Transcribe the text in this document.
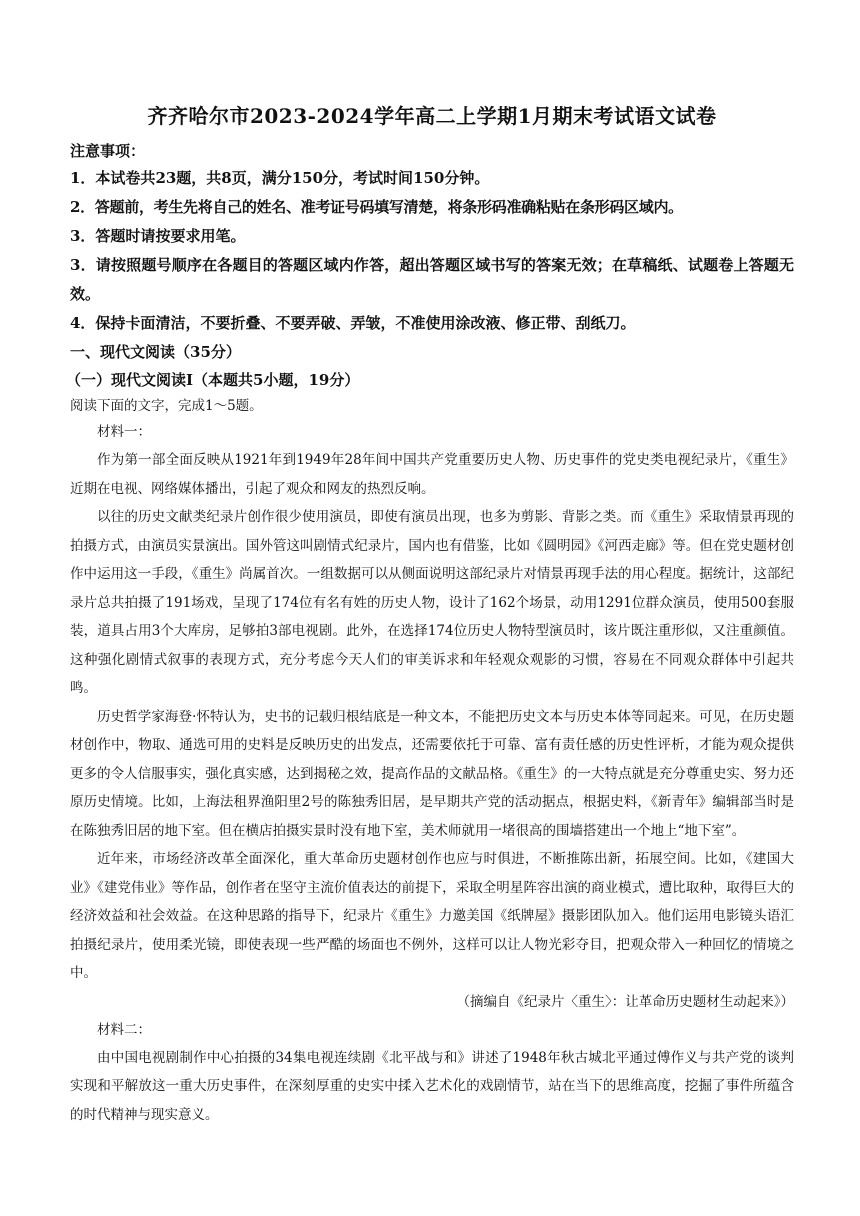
齐齐哈尔市2023-2024学年高二上学期1月期末考试语文试卷

注意事项：

1．本试卷共23题，共8页，满分150分，考试时间150分钟。

2．答题前，考生先将自己的姓名、准考证号码填写清楚，将条形码准确粘贴在条形码区域内。

3．答题时请按要求用笔。

3．请按照题号顺序在各题目的答题区域内作答，超出答题区域书写的答案无效；在草稿纸、试题卷上答题无效。

4．保持卡面清洁，不要折叠、不要弄破、弄皱，不准使用涂改液、修正带、刮纸刀。

一、现代文阅读（35分）

（一）现代文阅读Ⅰ（本题共5小题，19分）

阅读下面的文字，完成1～5题。

材料一：

作为第一部全面反映从1921年到1949年28年间中国共产党重要历史人物、历史事件的党史类电视纪录片，《重生》近期在电视、网络媒体播出，引起了观众和网友的热烈反响。

以往的历史文献类纪录片创作很少使用演员，即使有演员出现，也多为剪影、背影之类。而《重生》采取情景再现的拍摄方式，由演员实景演出。国外管这叫剧情式纪录片，国内也有借鉴，比如《圆明园》《河西走廊》等。但在党史题材创作中运用这一手段，《重生》尚属首次。一组数据可以从侧面说明这部纪录片对情景再现手法的用心程度。据统计，这部纪录片总共拍摄了191场戏，呈现了174位有名有姓的历史人物，设计了162个场景，动用1291位群众演员，使用500套服装，道具占用3个大库房，足够拍3部电视剧。此外，在选择174位历史人物特型演员时，该片既注重形似，又注重颜值。这种强化剧情式叙事的表现方式，充分考虑今天人们的审美诉求和年轻观众观影的习惯，容易在不同观众群体中引起共鸣。

历史哲学家海登·怀特认为，史书的记载归根结底是一种文本，不能把历史文本与历史本体等同起来。可见，在历史题材创作中，物取、通选可用的史料是反映历史的出发点，还需要依托于可靠、富有责任感的历史性评析，才能为观众提供更多的令人信服事实，强化真实感，达到揭秘之效，提高作品的文献品格。《重生》的一大特点就是充分尊重史实、努力还原历史情境。比如，上海法租界渔阳里2号的陈独秀旧居，是早期共产党的活动据点，根据史料，《新青年》编辑部当时是在陈独秀旧居的地下室。但在横店拍摄实景时没有地下室，美术师就用一堵很高的围墙搭建出一个地上“地下室”。

近年来，市场经济改革全面深化，重大革命历史题材创作也应与时俱进，不断推陈出新，拓展空间。比如，《建国大业》《建党伟业》等作品，创作者在坚守主流价值表达的前提下，采取全明星阵容出演的商业模式，遭比取种，取得巨大的经济效益和社会效益。在这种思路的指导下，纪录片《重生》力邀美国《纸牌屋》摄影团队加入。他们运用电影镜头语汇拍摄纪录片，使用柔光镜，即使表现一些严酷的场面也不例外，这样可以让人物光彩夺目，把观众带入一种回忆的情境之中。

（摘编自《纪录片〈重生〉：让革命历史题材生动起来》）

材料二：

由中国电视剧制作中心拍摄的34集电视连续剧《北平战与和》讲述了1948年秋古城北平通过傅作义与共产党的谈判实现和平解放这一重大历史事件，在深刻厚重的史实中揉入艺术化的戏剧情节，站在当下的思维高度，挖掘了事件所蕴含的时代精神与现实意义。
